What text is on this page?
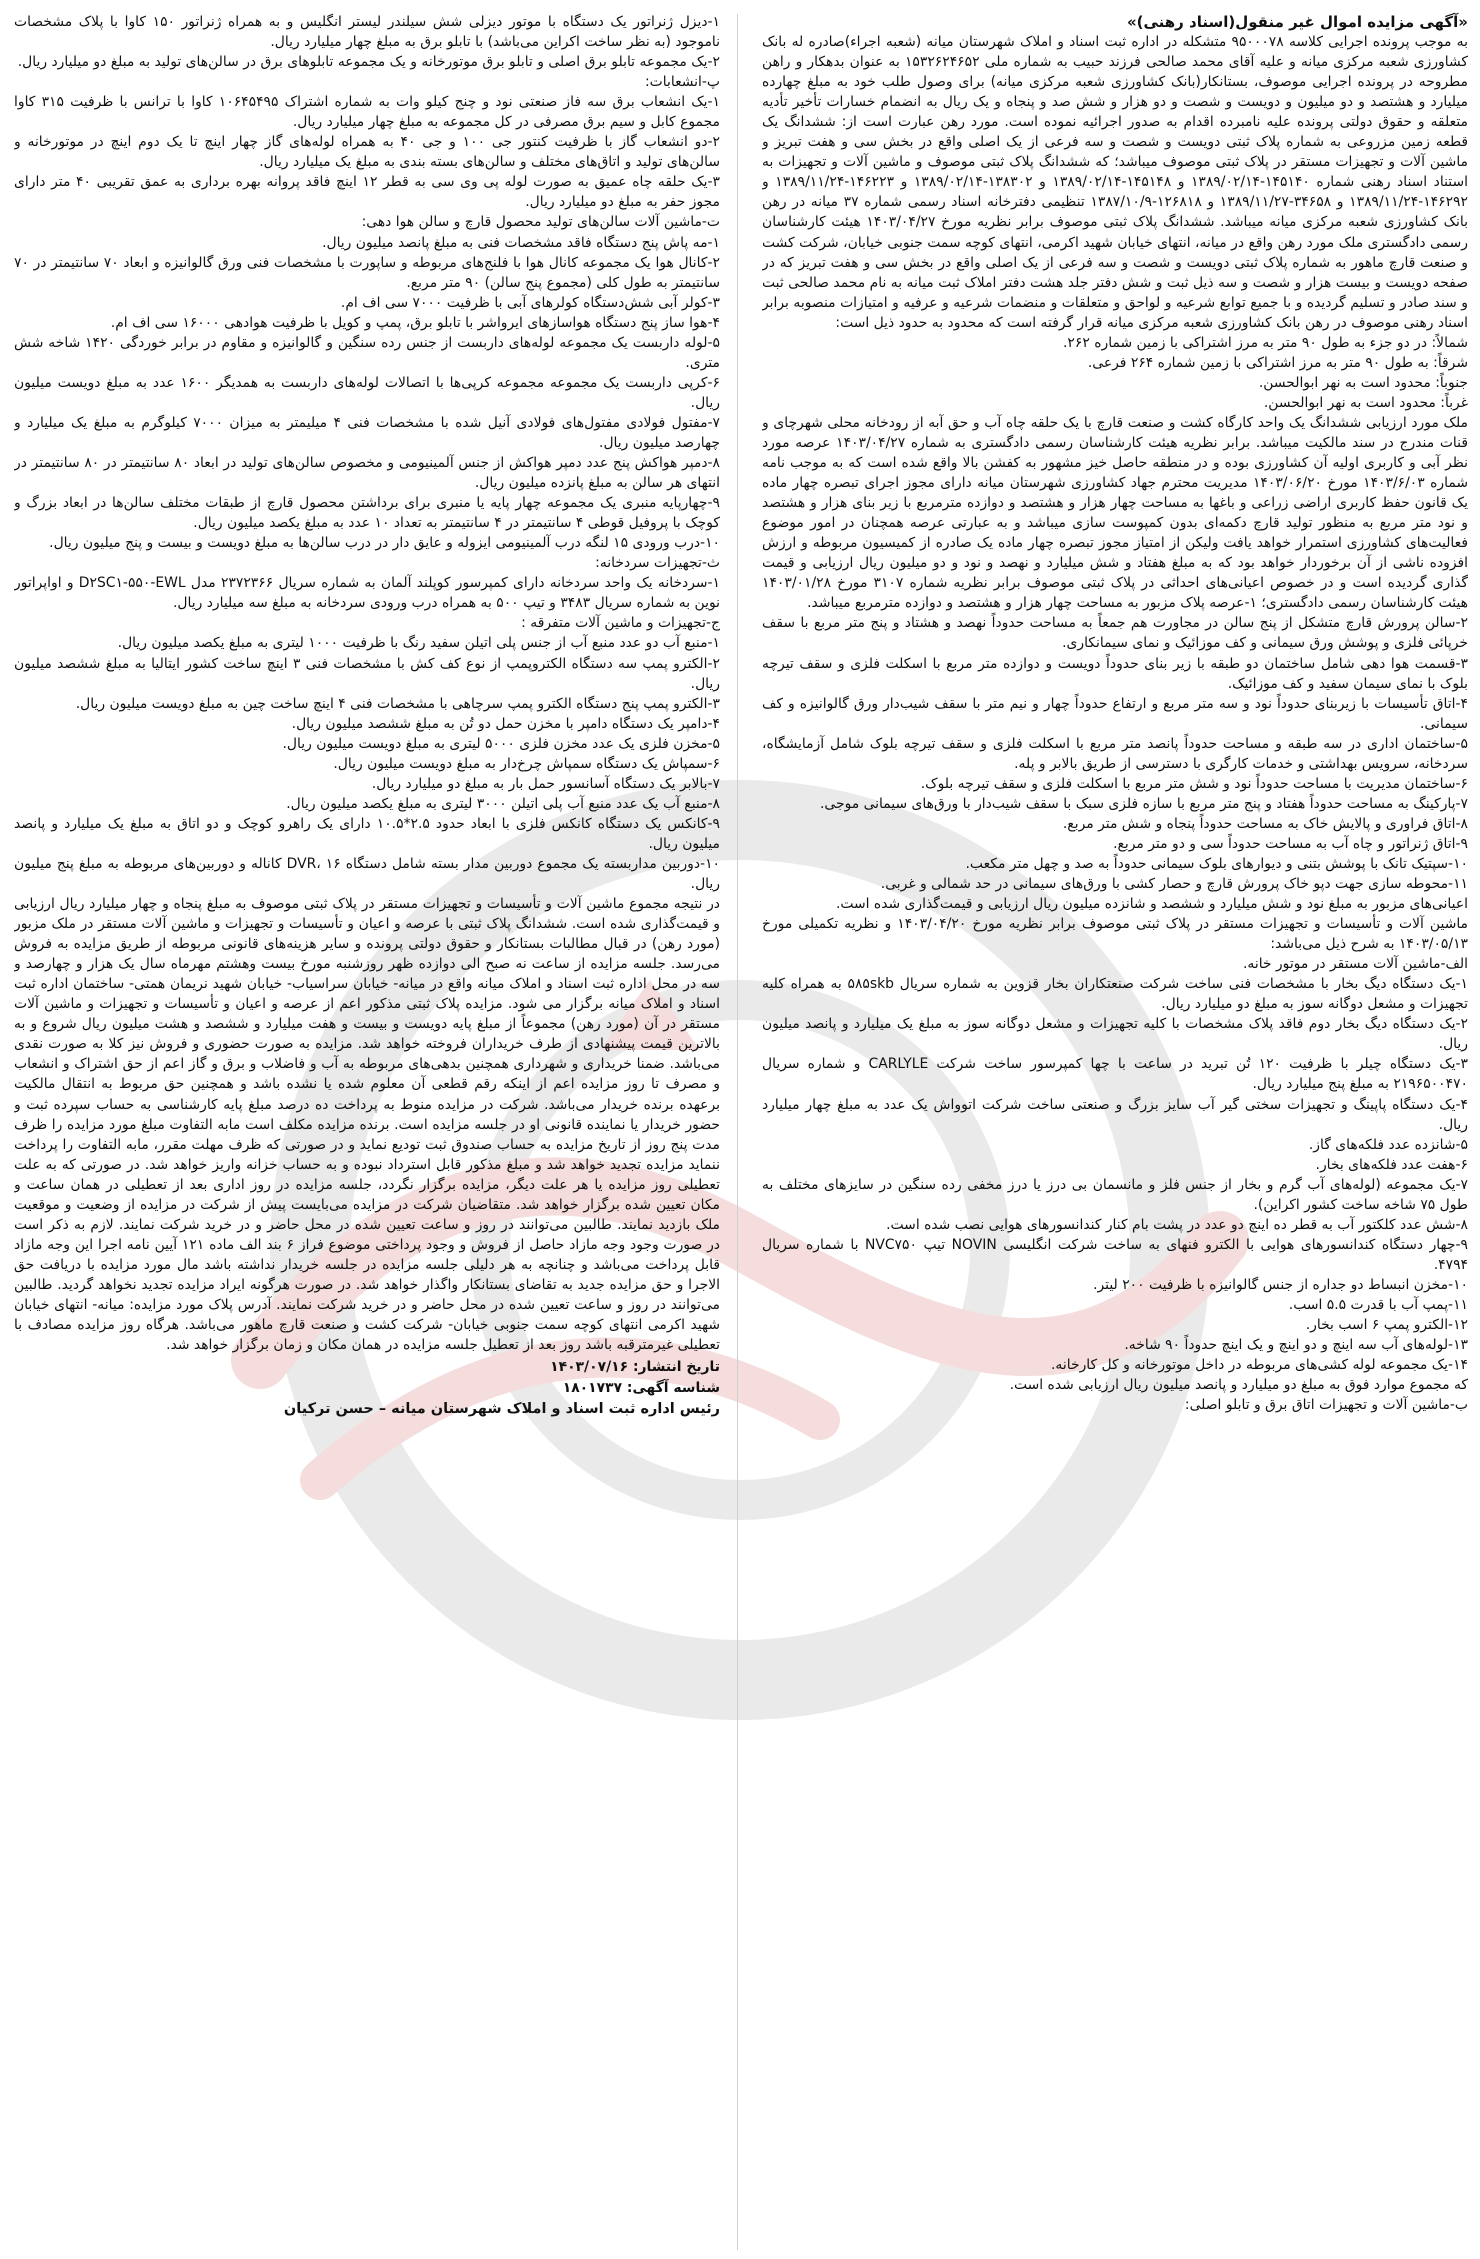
«آگهی مزایده اموال غیر منقول(اسناد رهنی)»

به موجب پرونده اجرایی کلاسه ۹۵۰۰۰۷۸ متشکله در اداره ثبت اسناد و املاک شهرستان میانه (شعبه اجراء)صادره له بانک کشاورزی شعبه مرکزی میانه و علیه آقای محمد صالحی فرزند حبیب به شماره ملی ۱۵۳۲۶۲۴۶۵۲ به عنوان بدهکار و راهن مطروحه در پرونده اجرایی موصوف، بستانکار(بانک کشاورزی شعبه مرکزی میانه) برای وصول طلب خود به مبلغ چهارده میلیارد و هشتصد و دو میلیون و دویست و شصت و دو هزار و شش صد و پنجاه و یک ریال به انضمام خسارات تأخیر تأدیه متعلقه و حقوق دولتی پرونده علیه نامبرده اقدام به صدور اجرائیه نموده است. مورد رهن عبارت است از: ششدانگ یک قطعه زمین مزروعی به شماره پلاک ثبتی دویست و شصت و سه فرعی از یک اصلی واقع در بخش سی و هفت تبریز و ماشین آلات و تجهیزات مستقر در پلاک ثبتی موصوف میباشد؛ که ششدانگ پلاک ثبتی موصوف و ماشین آلات و تجهیزات به استناد اسناد رهنی شماره ۱۴۵۱۴۰-۱۳۸۹/۰۲/۱۴ و ۱۴۵۱۴۸-۱۳۸۹/۰۲/۱۴ و ۱۳۸۳۰۲-۱۳۸۹/۰۲/۱۴ و ۱۴۶۲۲۳-۱۳۸۹/۱۱/۲۴ و ۱۴۶۲۹۲-۱۳۸۹/۱۱/۲۴ و ۳۴۶۵۸-۱۳۸۹/۱۱/۲۷ و ۱۲۶۸۱۸-۱۳۸۷/۱۰/۹ تنظیمی دفترخانه اسناد رسمی شماره ۳۷ میانه در رهن بانک کشاورزی شعبه مرکزی میانه میباشد. ششدانگ پلاک ثبتی موصوف برابر نظریه مورخ ۱۴۰۳/۰۴/۲۷ هیئت کارشناسان رسمی دادگستری ملک مورد رهن واقع در میانه، انتهای خیابان شهید اکرمی، انتهای کوچه سمت جنوبی خیابان، شرکت کشت و صنعت قارچ ماهور به شماره پلاک ثبتی دویست و شصت و سه فرعی از یک اصلی واقع در بخش سی و هفت تبریز که در صفحه دویست و بیست هزار و شصت و سه ذیل ثبت و شش دفتر جلد هشت دفتر املاک ثبت میانه به نام محمد صالحی ثبت و سند صادر و تسلیم گردیده و با جمیع توابع شرعیه و لواحق و متعلقات و منضمات شرعیه و عرفیه و امتیازات منصوبه برابر اسناد رهنی موصوف در رهن بانک کشاورزی شعبه مرکزی میانه قرار گرفته است که محدود به حدود ذیل است:

شمالاً: در دو جزء به طول ۹۰ متر به مرز اشتراکی با زمین شماره ۲۶۲.

شرقاً: به طول ۹۰ متر به مرز اشتراکی با زمین شماره ۲۶۴ فرعی.

جنوباً: محدود است به نهر ابوالحسن.

غرباً: محدود است به نهر ابوالحسن.

ملک مورد ارزیابی ششدانگ یک واحد کارگاه کشت و صنعت قارچ با یک حلقه چاه آب و حق آبه از رودخانه محلی شهرچای و قنات مندرج در سند مالکیت میباشد. برابر نظریه هیئت کارشناسان رسمی دادگستری به شماره ۱۴۰۳/۰۴/۲۷ عرصه مورد نظر آبی و کاربری اولیه آن کشاورزی بوده و در منطقه حاصل خیز مشهور به کفشن بالا واقع شده است که به موجب نامه شماره ۱۴۰۳/۶/۰۳ مورخ ۱۴۰۳/۰۶/۲۰ مدیریت محترم جهاد کشاورزی شهرستان میانه دارای مجوز اجرای تبصره چهار ماده یک قانون حفظ کاربری اراضی زراعی و باغها به مساحت چهار هزار و هشتصد و دوازده مترمربع با زیر بنای هزار و هشتصد و نود متر مربع به منظور تولید قارچ دکمه‌ای بدون کمپوست سازی میباشد و به عبارتی عرصه همچنان در امور موضوع فعالیت‌های کشاورزی استمرار خواهد یافت ولیکن از امتیاز مجوز تبصره چهار ماده یک صادره از کمیسیون مربوطه و ارزش افزوده ناشی از آن برخوردار خواهد بود که به مبلغ هفتاد و شش میلیارد و نهصد و نود و دو میلیون ریال ارزیابی و قیمت گذاری گردیده است و در خصوص اعیانی‌های احداثی در پلاک ثبتی موصوف برابر نظریه شماره ۳۱۰۷ مورخ ۱۴۰۳/۰۱/۲۸ هیئت کارشناسان رسمی دادگستری؛ ۱-عرصه پلاک مزبور به مساحت چهار هزار و هشتصد و دوازده مترمربع میباشد.

۲-سالن پرورش قارچ متشکل از پنج سالن در مجاورت هم جمعاً به مساحت حدوداً نهصد و هشتاد و پنج متر مربع با سقف خرپائی فلزی و پوشش ورق سیمانی و کف موزائیک و نمای سیمانکاری.

۳-قسمت هوا دهی شامل ساختمان دو طبقه با زیر بنای حدوداً دویست و دوازده متر مربع با اسکلت فلزی و سقف تیرچه بلوک با نمای سیمان سفید و کف موزائیک.

۴-اتاق تأسیسات با زیربنای حدوداً نود و سه متر مربع و ارتفاع حدوداً چهار و نیم متر با سقف شیب‌دار ورق گالوانیزه و کف سیمانی.

۵-ساختمان اداری در سه طبقه و مساحت حدوداً پانصد متر مربع با اسکلت فلزی و سقف تیرچه بلوک شامل آزمایشگاه، سردخانه، سرویس بهداشتی و خدمات کارگری با دسترسی از طریق بالابر و پله.

۶-ساختمان مدیریت با مساحت حدوداً نود و شش متر مربع با اسکلت فلزی و سقف تیرچه بلوک.

۷-پارکینگ به مساحت حدوداً هفتاد و پنج متر مربع با سازه فلزی سبک با سقف شیب‌دار با ورق‌های سیمانی موجی.

۸-اتاق فراوری و پالایش خاک به مساحت حدوداً پنجاه و شش متر مربع.

۹-اتاق ژنراتور و چاه آب به مساحت حدوداً سی و دو متر مربع.

۱۰-سپتیک تانک با پوشش بتنی و دیوارهای بلوک سیمانی حدوداً به صد و چهل متر مکعب.

۱۱-محوطه سازی جهت دپو خاک پرورش قارچ و حصار کشی با ورق‌های سیمانی در حد شمالی و غربی.

اعیانی‌های مزبور به مبلغ نود و شش میلیارد و ششصد و شانزده میلیون ریال ارزیابی و قیمت‌گذاری شده است.

ماشین آلات و تأسیسات و تجهیزات مستقر در پلاک ثبتی موصوف برابر نظریه مورخ ۱۴۰۳/۰۴/۲۰ و نظریه تکمیلی مورخ ۱۴۰۳/۰۵/۱۳ به شرح ذیل می‌باشد:

الف-ماشین آلات مستقر در موتور خانه.

۱-یک دستگاه دیگ بخار با مشخصات فنی ساخت شرکت صنعتکاران بخار قزوین به شماره سریال ۵۸۵skb به همراه کلیه تجهیزات و مشعل دوگانه سوز به مبلغ دو میلیارد ریال.

۲-یک دستگاه دیگ بخار دوم فاقد پلاک مشخصات با کلیه تجهیزات و مشعل دوگانه سوز به مبلغ یک میلیارد و پانصد میلیون ریال.

۳-یک دستگاه چیلر با ظرفیت ۱۲۰ تُن تبرید در ساعت با چها کمپرسور ساخت شرکت CARLYLE و شماره سریال ۲۱۹۶۵۰۰۴۷۰ به مبلغ پنج میلیارد ریال.

۴-یک دستگاه پاپینگ و تجهیزات سختی گیر آب سایز بزرگ و صنعتی ساخت شرکت اتوواش یک عدد به مبلغ چهار میلیارد ریال.

۵-شانزده عدد فلکه‌های گاز.

۶-هفت عدد فلکه‌های بخار.

۷-یک مجموعه (لوله‌های آب گرم و بخار از جنس فلز و مانسمان بی درز یا درز مخفی رده سنگین در سایزهای مختلف به طول ۷۵ شاخه ساخت کشور اکراین).

۸-شش عدد کلکتور آب به قطر ده اینچ دو عدد در پشت بام کنار کندانسورهای هوایی نصب شده است.

۹-چهار دستگاه کندانسورهای هوایی با الکترو فنهای به ساخت شرکت انگلیسی NOVIN تیپ NVC۷۵۰ با شماره سریال ۴۷۹۴.

۱۰-مخزن انبساط دو جداره از جنس گالوانیزه با ظرفیت ۲۰۰ لیتر.

۱۱-پمپ آب با قدرت ۵.۵ اسب.

۱۲-الکترو پمپ ۶ اسب بخار.

۱۳-لوله‌های آب سه اینچ و دو اینچ و یک اینچ حدوداً ۹۰ شاخه.

۱۴-یک مجموعه لوله کشی‌های مربوطه در داخل موتورخانه و کل کارخانه.

که مجموع موارد فوق به مبلغ دو میلیارد و پانصد میلیون ریال ارزیابی شده است.

ب-ماشین آلات و تجهیزات اتاق برق و تابلو اصلی:

۱-دیزل ژنراتور یک دستگاه با موتور دیزلی شش سیلندر لیستر انگلیس و به همراه ژنراتور ۱۵۰ کاوا با پلاک مشخصات ناموجود (به نظر ساخت اکراین می‌باشد) با تابلو برق به مبلغ چهار میلیارد ریال.

۲-یک مجموعه تابلو برق اصلی و تابلو برق موتورخانه و یک مجموعه تابلوهای برق در سالن‌های تولید به مبلغ دو میلیارد ریال.

پ-انشعابات:

۱-یک انشعاب برق سه فاز صنعتی نود و چنج کیلو وات به شماره اشتراک ۱۰۶۴۵۴۹۵ کاوا با ترانس با ظرفیت ۳۱۵ کاوا مجموع کابل و سیم برق مصرفی در کل مجموعه به مبلغ چهار میلیارد ریال.

۲-دو انشعاب گاز با ظرفیت کنتور جی ۱۰۰ و جی ۴۰ به همراه لوله‌های گاز چهار اینچ تا یک دوم اینچ در موتورخانه و سالن‌های تولید و اتاق‌های مختلف و سالن‌های بسته بندی به مبلغ یک میلیارد ریال.

۳-یک حلقه چاه عمیق به صورت لوله پی وی سی به قطر ۱۲ اینچ فاقد پروانه بهره برداری به عمق تقریبی ۴۰ متر دارای مجوز حفر به مبلغ دو میلیارد ریال.

ت-ماشین آلات سالن‌های تولید محصول قارچ و سالن هوا دهی:

۱-مه پاش پنج دستگاه فاقد مشخصات فنی به مبلغ پانصد میلیون ریال.

۲-کانال هوا یک مجموعه کانال هوا با فلنج‌های مربوطه و ساپورت با مشخصات فنی ورق گالوانیزه و ابعاد ۷۰ سانتیمتر در ۷۰ سانتیمتر به طول کلی (مجموع پنج سالن) ۹۰ متر مربع.

۳-کولر آبی شش‌دستگاه کولرهای آبی با ظرفیت ۷۰۰۰ سی اف ام.

۴-هوا ساز پنج دستگاه هواساز‌های ایرواشر با تابلو برق، پمپ و کویل با ظرفیت هوادهی ۱۶۰۰۰ سی اف ام.

۵-لوله داربست یک مجموعه لوله‌های داربست از جنس رده سنگین و گالوانیزه و مقاوم در برابر خوردگی ۱۴۲۰ شاخه شش متری.

۶-کرپی داربست یک مجموعه مجموعه کرپی‌ها با اتصالات لوله‌های داربست به همدیگر ۱۶۰۰ عدد به مبلغ دویست میلیون ریال.

۷-مفتول فولادی مفتول‌های فولادی آنیل شده با مشخصات فنی ۴ میلیمتر به میزان ۷۰۰۰ کیلوگرم به مبلغ یک میلیارد و چهارصد میلیون ریال.

۸-دمپر هواکش پنج عدد دمپر هواکش از جنس آلمینیومی و مخصوص سالن‌های تولید در ابعاد ۸۰ سانتیمتر در ۸۰ سانتیمتر در انتهای هر سالن به مبلغ پانزده میلیون ریال.

۹-چهارپایه منبری یک مجموعه چهار پایه یا منبری برای برداشتن محصول قارچ از طبقات مختلف سالن‌ها در ابعاد بزرگ و کوچک با پروفیل قوطی ۴ سانتیمتر در ۴ سانتیمتر به تعداد ۱۰ عدد به مبلغ یکصد میلیون ریال.

۱۰-درب ورودی ۱۵ لنگه درب آلمینیومی ایزوله و عایق دار در درب سالن‌ها به مبلغ دویست و بیست و پنج میلیون ریال.

ث-تجهیزات سردخانه:

۱-سردخانه یک واحد سردخانه دارای کمپرسور کوپلند آلمان به شماره سریال ۲۳۷۲۳۶۶ مدل D۲SC۱-۵۵۰-EWL و اواپراتور نوین به شماره سریال ۳۴۸۳ و تیپ ۵۰۰ به همراه درب ورودی سردخانه به مبلغ سه میلیارد ریال.

ج-تجهیزات و ماشین آلات متفرقه :

۱-منبع آب دو عدد منبع آب از جنس پلی اتیلن سفید رنگ با ظرفیت ۱۰۰۰ لیتری به مبلغ یکصد میلیون ریال.

۲-الکترو پمپ سه دستگاه الکتروپمپ از نوع کف کش با مشخصات فنی ۳ اینچ ساخت کشور ایتالیا به مبلغ ششصد میلیون ریال.

۳-الکترو پمپ پنج دستگاه الکترو پمپ سرچاهی با مشخصات فنی ۴ اینچ ساخت چین به مبلغ دویست میلیون ریال.

۴-دامپر یک دستگاه دامپر با مخزن حمل دو تُن به مبلغ ششصد میلیون ریال.

۵-مخزن فلزی یک عدد مخزن فلزی ۵۰۰۰ لیتری به مبلغ دویست میلیون ریال.

۶-سمپاش یک دستگاه سمپاش چرخ‌دار به مبلغ دویست میلیون ریال.

۷-بالابر یک دستگاه آسانسور حمل بار به مبلغ دو میلیارد ریال.

۸-منبع آب یک عدد منبع آب پلی اتیلن ۳۰۰۰ لیتری به مبلغ یکصد میلیون ریال.

۹-کانکس یک دستگاه کانکس فلزی با ابعاد حدود ۲.۵*۱۰.۵ دارای یک راهرو کوچک و دو اتاق به مبلغ یک میلیارد و پانصد میلیون ریال.

۱۰-دوربین مداربسته یک مجموع دوربین مدار بسته شامل دستگاه DVR، ۱۶ کاناله و دوربین‌های مربوطه به مبلغ پنج میلیون ریال.

در نتیجه مجموع ماشین آلات و تأسیسات و تجهیزات مستقر در پلاک ثبتی موصوف به مبلغ پنجاه و چهار میلیارد ریال ارزیابی و قیمت‌گذاری شده است. ششدانگ پلاک ثبتی با عرصه و اعیان و تأسیسات و تجهیزات و ماشین آلات مستقر در ملک مزبور (مورد رهن) در قبال مطالبات بستانکار و حقوق دولتی پرونده و سایر هزینه‌های قانونی مربوطه از طریق مزایده به فروش می‌رسد. جلسه مزایده از ساعت نه صبح الی دوازده ظهر روزشنبه مورخ بیست وهشتم مهرماه سال یک هزار و چهارصد و سه در محل اداره ثبت اسناد و املاک میانه واقع در میانه- خیابان سراسیاب- خیابان شهید نریمان همتی- ساختمان اداره ثبت اسناد و املاک میانه برگزار می شود. مزایده پلاک ثبتی مذکور اعم از عرصه و اعیان و تأسیسات و تجهیزات و ماشین آلات مستقر در آن (مورد رهن) مجموعاً از مبلغ پایه دویست و بیست و هفت میلیارد و ششصد و هشت میلیون ریال شروع و به بالاترین قیمت پیشنهادی از طرف خریداران فروخته خواهد شد. مزایده به صورت حضوری و فروش نیز کلا به صورت نقدی می‌باشد. ضمنا خریداری و شهرداری همچنین بدهی‌های مربوطه به آب و فاضلاب و برق و گاز اعم از حق اشتراک و انشعاب و مصرف تا روز مزایده اعم از اینکه رقم قطعی آن معلوم شده یا نشده باشد و همچنین حق مربوط به انتقال مالکیت برعهده برنده خریدار می‌باشد. شرکت در مزایده منوط به پرداخت ده درصد مبلغ پایه کارشناسی به حساب سپرده ثبت و حضور خریدار یا نماینده قانونی او در جلسه مزایده است. برنده مزایده مکلف است مابه التفاوت مبلغ مورد مزایده را ظرف مدت پنج روز از تاریخ مزایده به حساب صندوق ثبت تودیع نماید و در صورتی که ظرف مهلت مقرر، مابه التفاوت را پرداخت ننماید مزایده تجدید خواهد شد و مبلغ مذکور قابل استرداد نبوده و به حساب خزانه واریز خواهد شد. در صورتی که به علت تعطیلی روز مزایده یا هر علت دیگر، مزایده برگزار نگردد، جلسه مزایده در روز اداری بعد از تعطیلی در همان ساعت و مکان تعیین شده برگزار خواهد شد. متقاضیان شرکت در مزایده می‌بایست پیش از شرکت در مزایده از وضعیت و موقعیت ملک بازدید نمایند. طالبین می‌توانند در روز و ساعت تعیین شده در محل حاضر و در خرید شرکت نمایند. لازم به ذکر است در صورت وجود وجه مازاد حاصل از فروش و وجود پرداختی موضوع فراز ۶ بند الف ماده ۱۲۱ آیین نامه اجرا این وجه مازاد قابل پرداخت می‌باشد و چنانچه به هر دلیلی جلسه مزایده در جلسه خریدار نداشته باشد مال مورد مزایده با دریافت حق الاجرا و حق مزایده جدید به تقاضای بستانکار واگذار خواهد شد. در صورت هرگونه ایراد مزایده تجدید نخواهد گردید. طالبین می‌توانند در روز و ساعت تعیین شده در محل حاضر و در خرید شرکت نمایند. آدرس پلاک مورد مزایده: میانه- انتهای خیابان شهید اکرمی انتهای کوچه سمت جنوبی خیابان- شرکت کشت و صنعت قارچ ماهور می‌باشد. هرگاه روز مزایده مصادف با تعطیلی غیرمترقبه باشد روز بعد از تعطیل جلسه مزایده در همان مکان و زمان برگزار خواهد شد.

تاریخ انتشار: ۱۴۰۳/۰۷/۱۶
شناسه آگهی: ۱۸۰۱۷۳۷
رئیس اداره ثبت اسناد و املاک شهرستان میانه – حسن ترکیان
